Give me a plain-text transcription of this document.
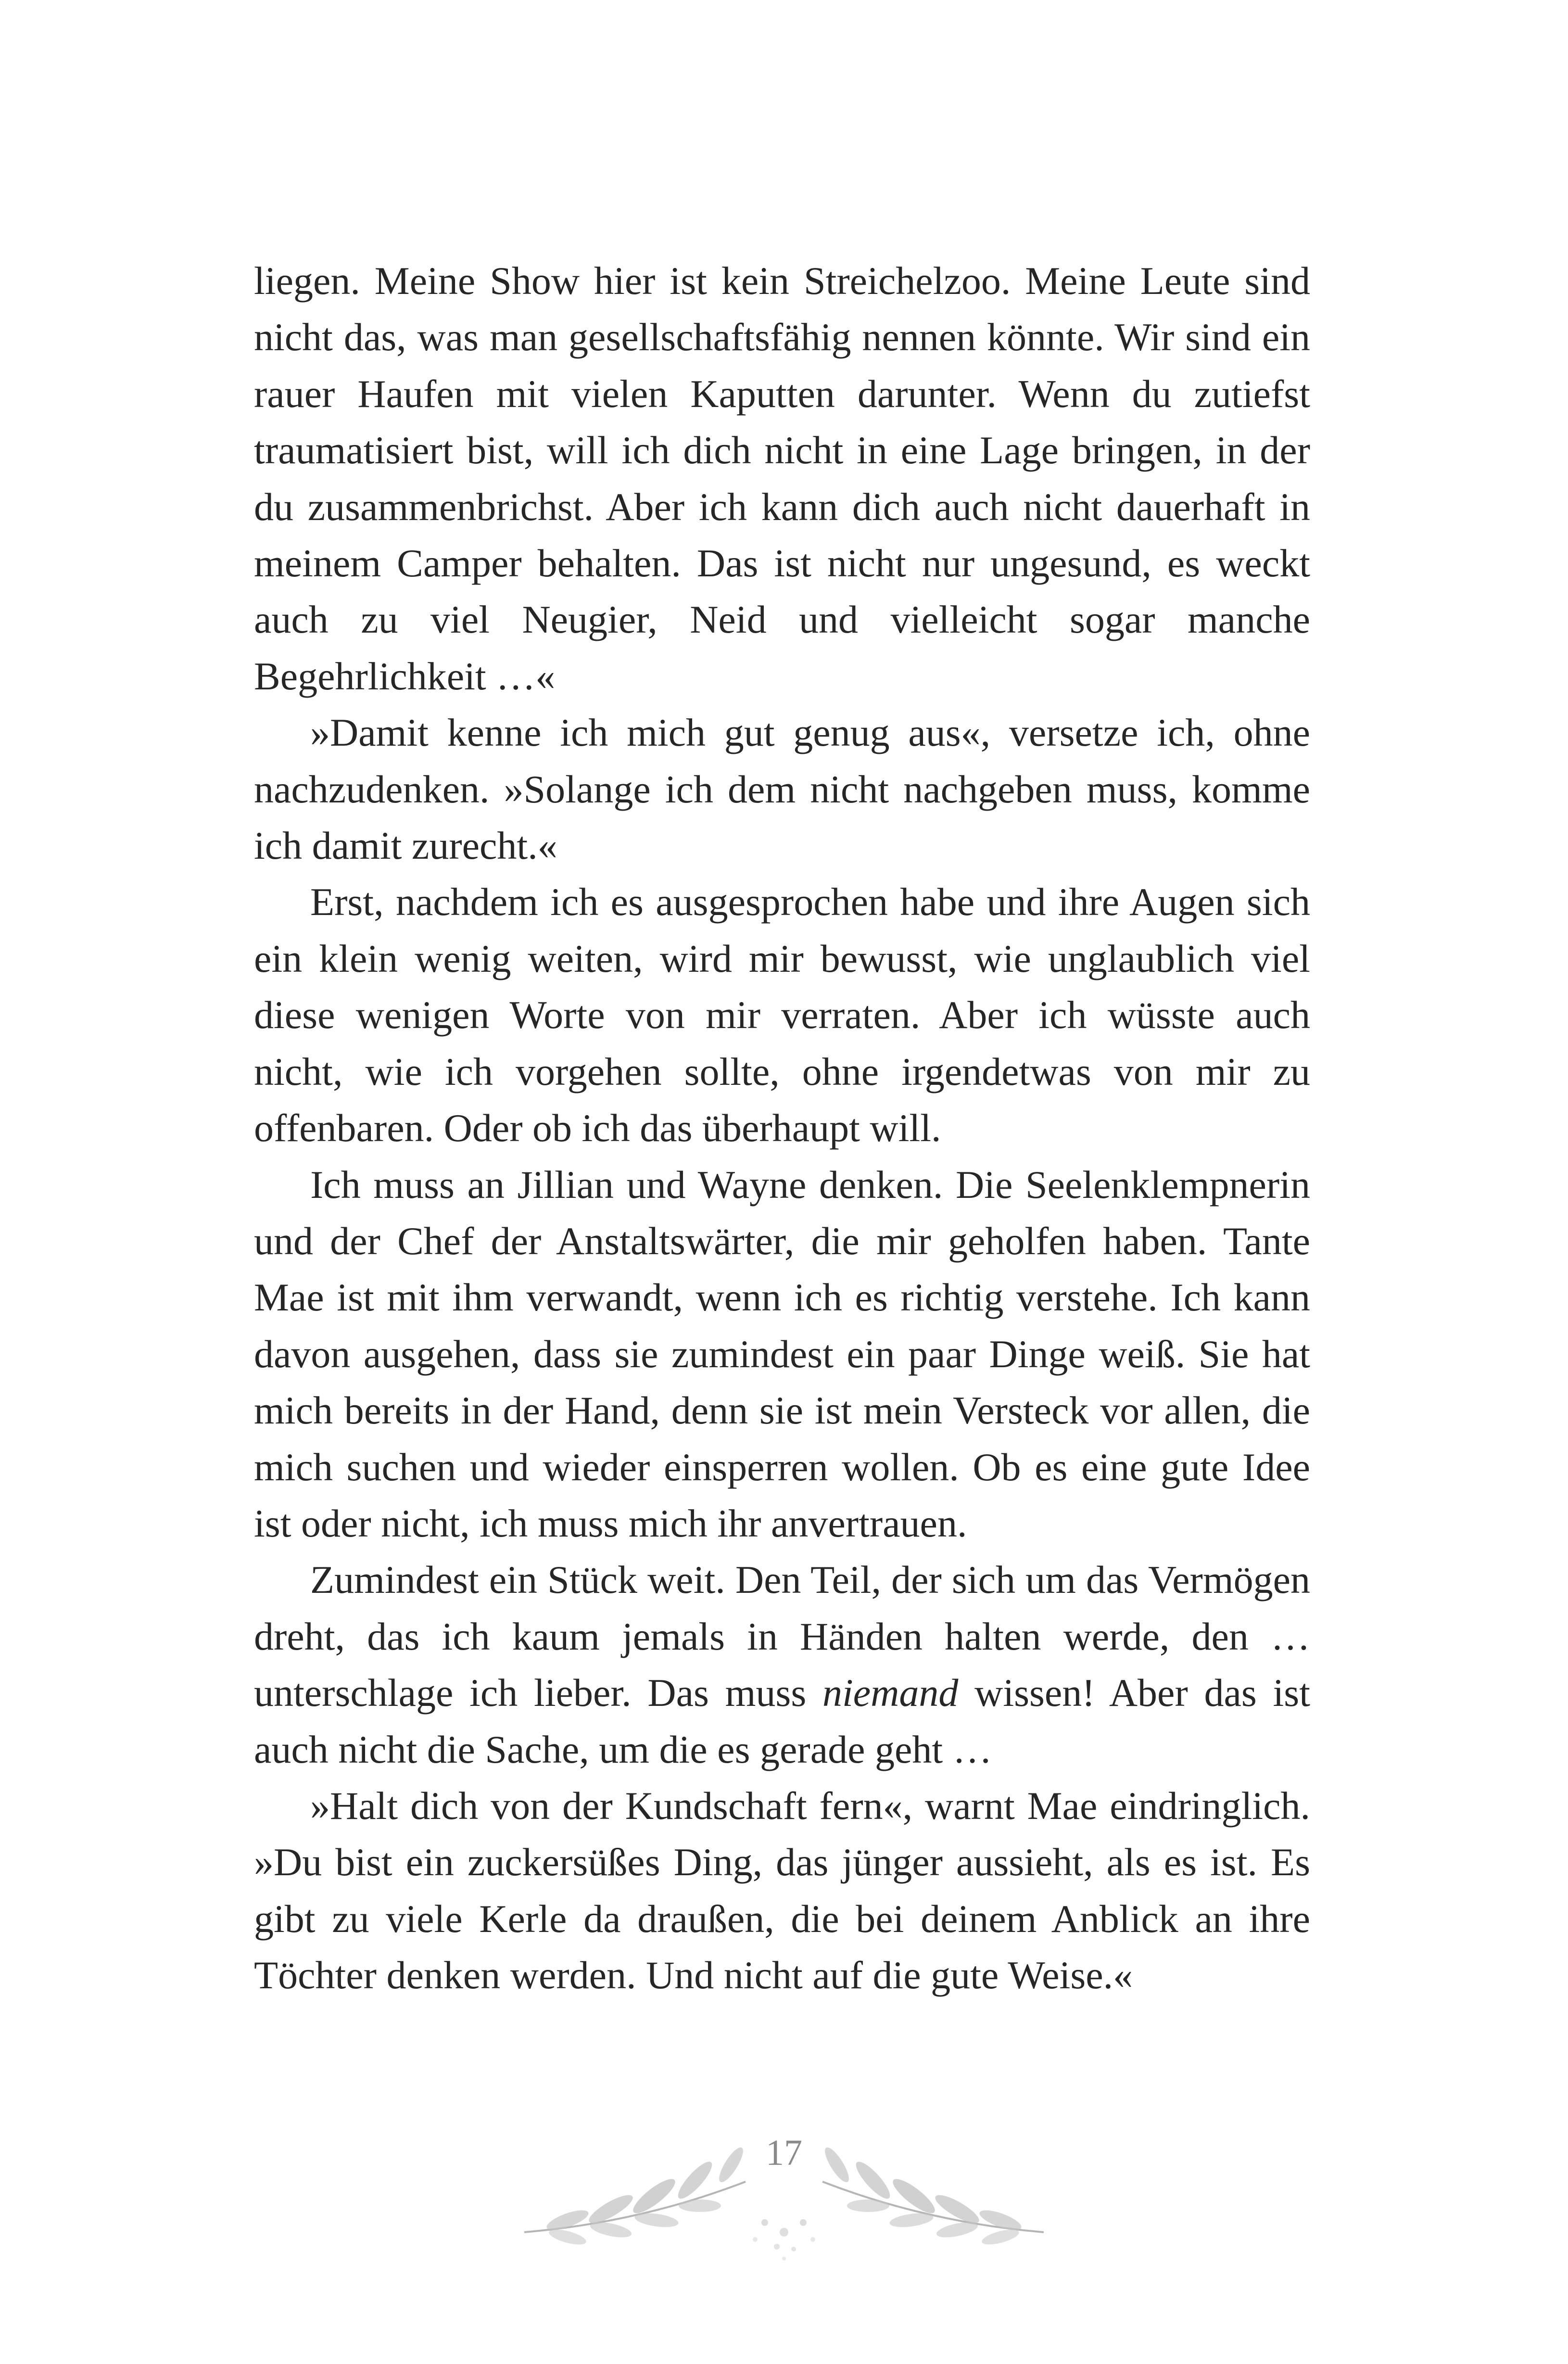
liegen. Meine Show hier ist kein Streichelzoo. Meine Leute sind nicht das, was man gesellschaftsfähig nennen könnte. Wir sind ein rauer Haufen mit vielen Kaputten darunter. Wenn du zutiefst traumatisiert bist, will ich dich nicht in eine Lage bringen, in der du zusammenbrichst. Aber ich kann dich auch nicht dauerhaft in meinem Camper behalten. Das ist nicht nur ungesund, es weckt auch zu viel Neugier, Neid und vielleicht sogar manche Begehrlichkeit …«

»Damit kenne ich mich gut genug aus«, versetze ich, ohne nachzudenken. »Solange ich dem nicht nachgeben muss, komme ich damit zurecht.«

Erst, nachdem ich es ausgesprochen habe und ihre Augen sich ein klein wenig weiten, wird mir bewusst, wie unglaublich viel diese wenigen Worte von mir verraten. Aber ich wüsste auch nicht, wie ich vorgehen sollte, ohne irgendetwas von mir zu offenbaren. Oder ob ich das überhaupt will.

Ich muss an Jillian und Wayne denken. Die Seelenklempnerin und der Chef der Anstaltswärter, die mir geholfen haben. Tante Mae ist mit ihm verwandt, wenn ich es richtig verstehe. Ich kann davon ausgehen, dass sie zumindest ein paar Dinge weiß. Sie hat mich bereits in der Hand, denn sie ist mein Versteck vor allen, die mich suchen und wieder einsperren wollen. Ob es eine gute Idee ist oder nicht, ich muss mich ihr anvertrauen.

Zumindest ein Stück weit. Den Teil, der sich um das Vermögen dreht, das ich kaum jemals in Händen halten werde, den … unterschlage ich lieber. Das muss niemand wissen! Aber das ist auch nicht die Sache, um die es gerade geht …

»Halt dich von der Kundschaft fern«, warnt Mae eindringlich. »Du bist ein zuckersüßes Ding, das jünger aussieht, als es ist. Es gibt zu viele Kerle da draußen, die bei deinem Anblick an ihre Töchter denken werden. Und nicht auf die gute Weise.«

17
